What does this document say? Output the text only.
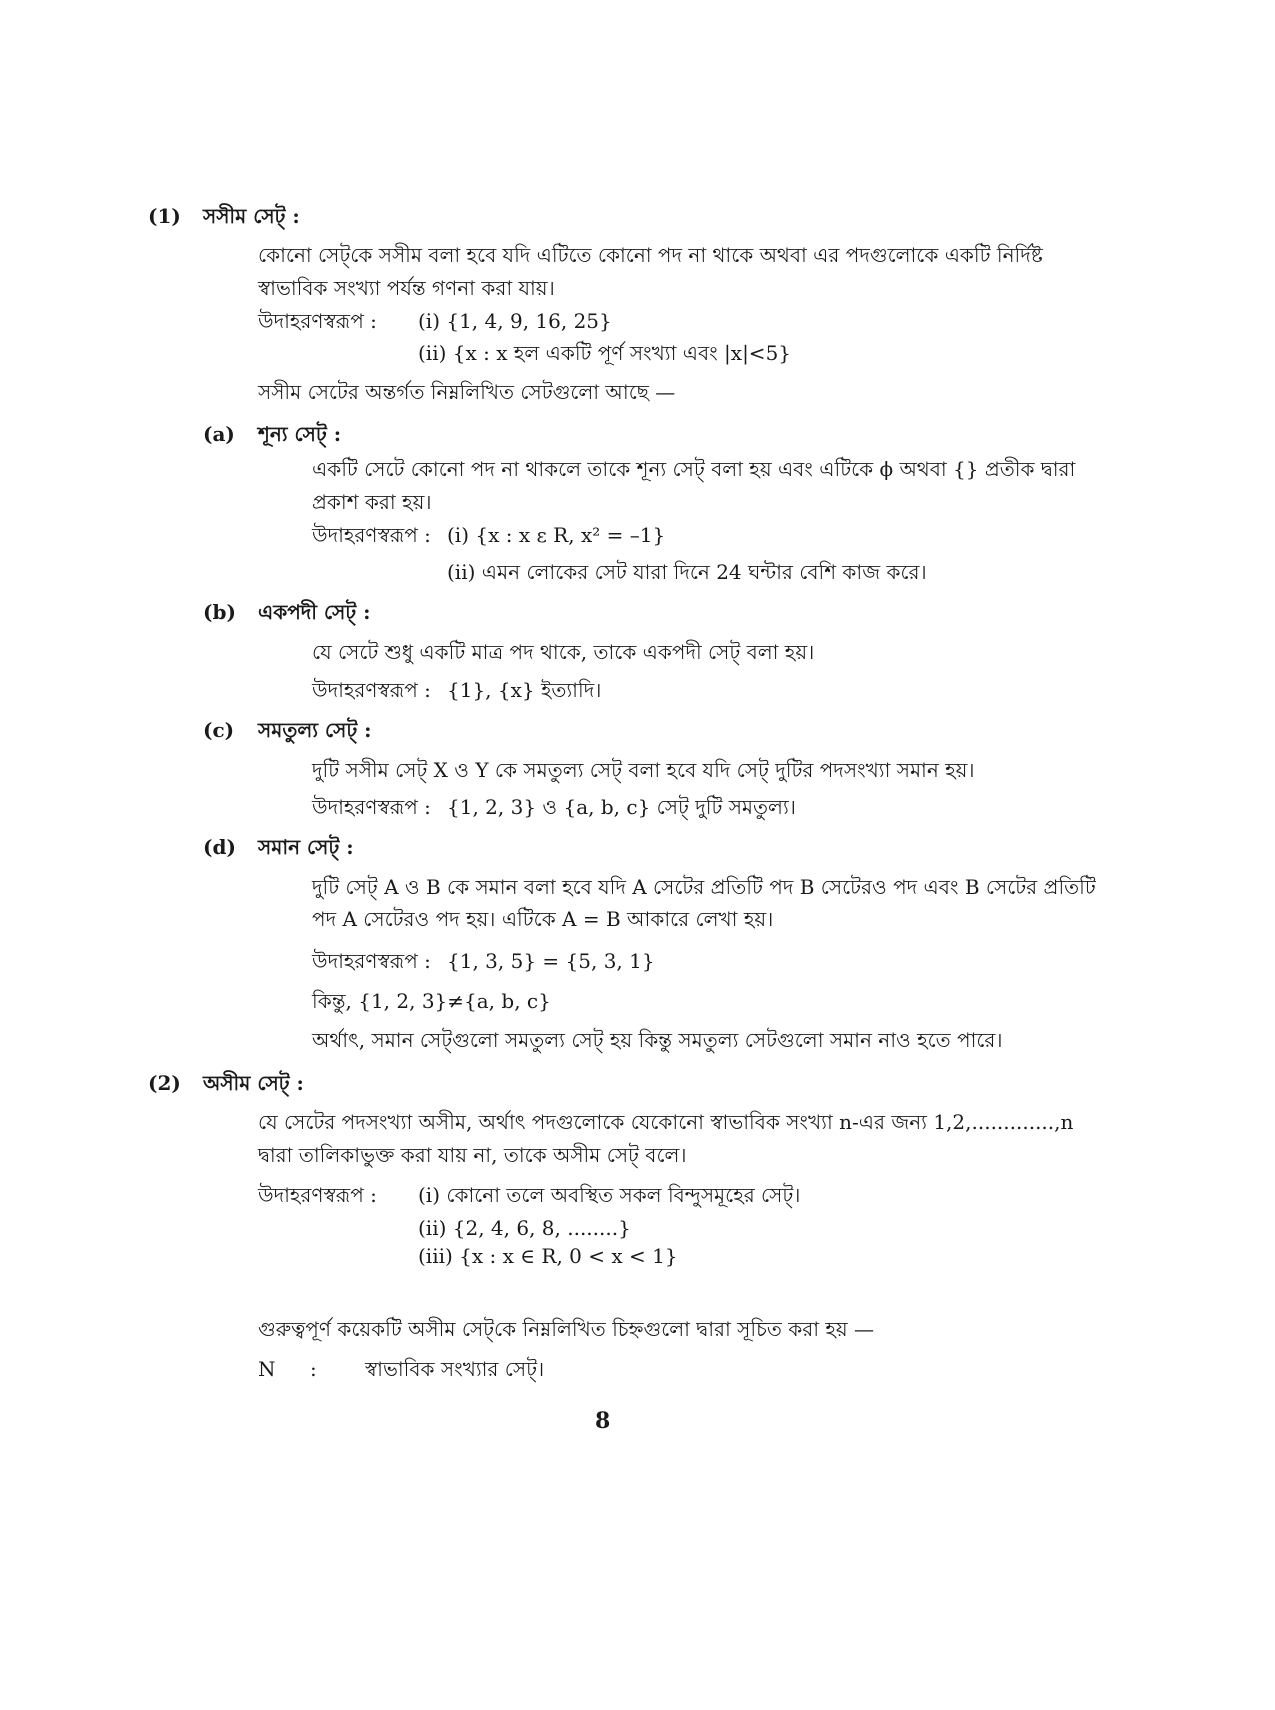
(1) সসীম সেট্ :
কোনো সেট্‌কে সসীম বলা হবে যদি এটিতে কোনো পদ না থাকে অথবা এর পদগুলোকে একটি নির্দিষ্ট
স্বাভাবিক সংখ্যা পর্যন্ত গণনা করা যায়।
উদাহরণস্বরূপ : (i) {1, 4, 9, 16, 25}
(ii) {x : x হল একটি পূর্ণ সংখ্যা এবং |x|<5}
সসীম সেটের অন্তর্গত নিম্নলিখিত সেটগুলো আছে —
(a) শূন্য সেট্ :
একটি সেটে কোনো পদ না থাকলে তাকে শূন্য সেট্ বলা হয় এবং এটিকে ϕ অথবা {} প্রতীক দ্বারা
প্রকাশ করা হয়।
উদাহরণস্বরূপ : (i) {x : x ε R, x² = –1}
(ii) এমন লোকের সেট যারা দিনে 24 ঘন্টার বেশি কাজ করে।
(b) একপদী সেট্ :
যে সেটে শুধু একটি মাত্র পদ থাকে, তাকে একপদী সেট্ বলা হয়।
উদাহরণস্বরূপ : {1}, {x} ইত্যাদি।
(c) সমতুল্য সেট্ :
দুটি সসীম সেট্ X ও Y কে সমতুল্য সেট্ বলা হবে যদি সেট্ দুটির পদসংখ্যা সমান হয়।
উদাহরণস্বরূপ : {1, 2, 3} ও {a, b, c} সেট্ দুটি সমতুল্য।
(d) সমান সেট্ :
দুটি সেট্ A ও B কে সমান বলা হবে যদি A সেটের প্রতিটি পদ B সেটেরও পদ এবং B সেটের প্রতিটি
পদ A সেটেরও পদ হয়। এটিকে A = B আকারে লেখা হয়।
উদাহরণস্বরূপ : {1, 3, 5} = {5, 3, 1}
কিন্তু, {1, 2, 3}≠{a, b, c}
অর্থাৎ, সমান সেট্‌গুলো সমতুল্য সেট্ হয় কিন্তু সমতুল্য সেটগুলো সমান নাও হতে পারে।
(2) অসীম সেট্ :
যে সেটের পদসংখ্যা অসীম, অর্থাৎ পদগুলোকে যেকোনো স্বাভাবিক সংখ্যা n-এর জন্য 1,2,.............,n
দ্বারা তালিকাভুক্ত করা যায় না, তাকে অসীম সেট্ বলে।
উদাহরণস্বরূপ : (i) কোনো তলে অবস্থিত সকল বিন্দুসমূহের সেট্।
(ii) {2, 4, 6, 8, ........}
(iii) {x : x ∈ R, 0 < x < 1}
গুরুত্বপূর্ণ কয়েকটি অসীম সেট্‌কে নিম্নলিখিত চিহ্নগুলো দ্বারা সূচিত করা হয় —
N : স্বাভাবিক সংখ্যার সেট্।
8
